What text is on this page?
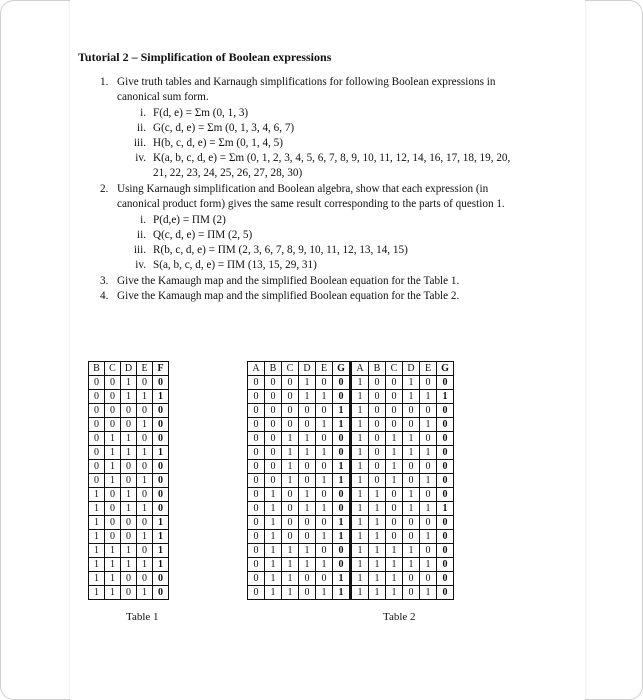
Tutorial 2 – Simplification of Boolean expressions
1. Give truth tables and Karnaugh simplifications for following Boolean expressions in
canonical sum form.
i. F(d, e) = Σm (0, 1, 3)
ii. G(c, d, e) = Σm (0, 1, 3, 4, 6, 7)
iii. H(b, c, d, e) = Σm (0, 1, 4, 5)
iv. K(a, b, c, d, e) = Σm (0, 1, 2, 3, 4, 5, 6, 7, 8, 9, 10, 11, 12, 14, 16, 17, 18, 19, 20,
21, 22, 23, 24, 25, 26, 27, 28, 30)
2. Using Karnaugh simplification and Boolean algebra, show that each expression (in
canonical product form) gives the same result corresponding to the parts of question 1.
i. P(d,e) = ΠM (2)
ii. Q(c, d, e) = ΠM (2, 5)
iii. R(b, c, d, e) = ΠM (2, 3, 6, 7, 8, 9, 10, 11, 12, 13, 14, 15)
iv. S(a, b, c, d, e) = ΠM (13, 15, 29, 31)
3. Give the Kamaugh map and the simplified Boolean equation for the Table 1.
4. Give the Kamaugh map and the simplified Boolean equation for the Table 2.
B	C	D	E	F
0	0	1	0	0
0	0	1	1	1
0	0	0	0	0
0	0	0	1	0
0	1	1	0	0
0	1	1	1	1
0	1	0	0	0
0	1	0	1	0
1	0	1	0	0
1	0	1	1	0
1	0	0	0	1
1	0	0	1	1
1	1	1	0	1
1	1	1	1	1
1	1	0	0	0
1	1	0	1	0
Table 1
A	B	C	D	E	G	A	B	C	D	E	G
0	0	0	1	0	0	1	0	0	1	0	0
0	0	0	1	1	0	1	0	0	1	1	1
0	0	0	0	0	1	1	0	0	0	0	0
0	0	0	0	1	1	1	0	0	0	1	0
0	0	1	1	0	0	1	0	1	1	0	0
0	0	1	1	1	0	1	0	1	1	1	0
0	0	1	0	0	1	1	0	1	0	0	0
0	0	1	0	1	1	1	0	1	0	1	0
0	1	0	1	0	0	1	1	0	1	0	0
0	1	0	1	1	0	1	1	0	1	1	1
0	1	0	0	0	1	1	1	0	0	0	0
0	1	0	0	1	1	1	1	0	0	1	0
0	1	1	1	0	0	1	1	1	1	0	0
0	1	1	1	1	0	1	1	1	1	1	0
0	1	1	0	0	1	1	1	1	0	0	0
0	1	1	0	1	1	1	1	1	0	1	0
Table 2
